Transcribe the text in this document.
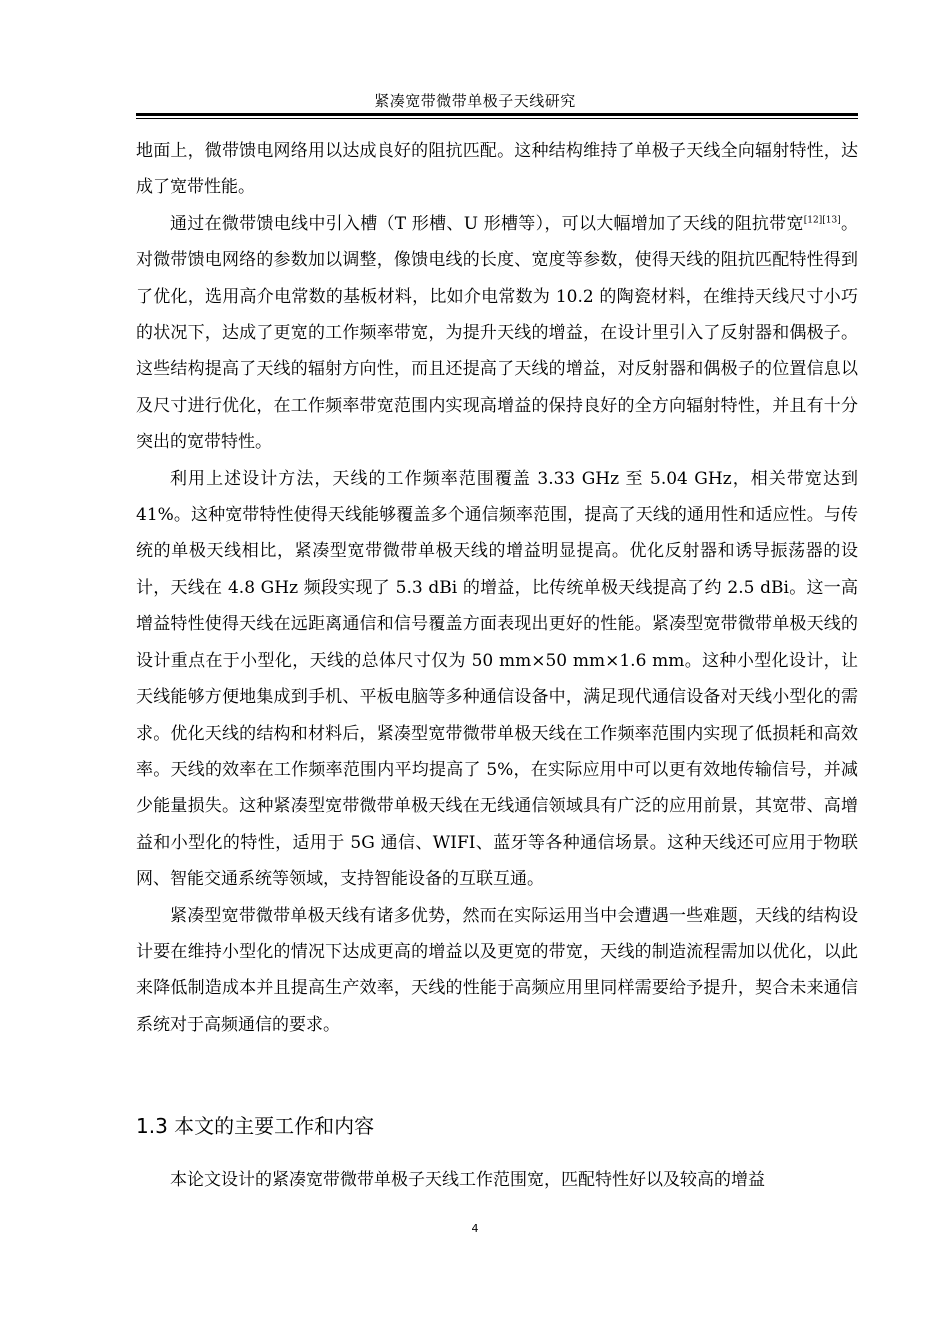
紧凑宽带微带单极子天线研究

地面上，微带馈电网络用以达成良好的阻抗匹配。这种结构维持了单极子天线全向辐射特性，达成了宽带性能。

通过在微带馈电线中引入槽（T 形槽、U 形槽等），可以大幅增加了天线的阻抗带宽[12][13]。对微带馈电网络的参数加以调整，像馈电线的长度、宽度等参数，使得天线的阻抗匹配特性得到了优化，选用高介电常数的基板材料，比如介电常数为 10.2 的陶瓷材料，在维持天线尺寸小巧的状况下，达成了更宽的工作频率带宽，为提升天线的增益，在设计里引入了反射器和偶极子。这些结构提高了天线的辐射方向性，而且还提高了天线的增益，对反射器和偶极子的位置信息以及尺寸进行优化，在工作频率带宽范围内实现高增益的保持良好的全方向辐射特性，并且有十分突出的宽带特性。

利用上述设计方法，天线的工作频率范围覆盖 3.33 GHz 至 5.04 GHz，相关带宽达到 41%。这种宽带特性使得天线能够覆盖多个通信频率范围，提高了天线的通用性和适应性。与传统的单极天线相比，紧凑型宽带微带单极天线的增益明显提高。优化反射器和诱导振荡器的设计，天线在 4.8 GHz 频段实现了 5.3 dBi 的增益，比传统单极天线提高了约 2.5 dBi。这一高增益特性使得天线在远距离通信和信号覆盖方面表现出更好的性能。紧凑型宽带微带单极天线的设计重点在于小型化，天线的总体尺寸仅为 50 mm×50 mm×1.6 mm。这种小型化设计，让天线能够方便地集成到手机、平板电脑等多种通信设备中，满足现代通信设备对天线小型化的需求。优化天线的结构和材料后，紧凑型宽带微带单极天线在工作频率范围内实现了低损耗和高效率。天线的效率在工作频率范围内平均提高了 5%，在实际应用中可以更有效地传输信号，并减少能量损失。这种紧凑型宽带微带单极天线在无线通信领域具有广泛的应用前景，其宽带、高增益和小型化的特性，适用于 5G 通信、WIFI、蓝牙等各种通信场景。这种天线还可应用于物联网、智能交通系统等领域，支持智能设备的互联互通。

紧凑型宽带微带单极天线有诸多优势，然而在实际运用当中会遭遇一些难题，天线的结构设计要在维持小型化的情况下达成更高的增益以及更宽的带宽，天线的制造流程需加以优化，以此来降低制造成本并且提高生产效率，天线的性能于高频应用里同样需要给予提升，契合未来通信系统对于高频通信的要求。

1.3 本文的主要工作和内容

本论文设计的紧凑宽带微带单极子天线工作范围宽，匹配特性好以及较高的增益

4
